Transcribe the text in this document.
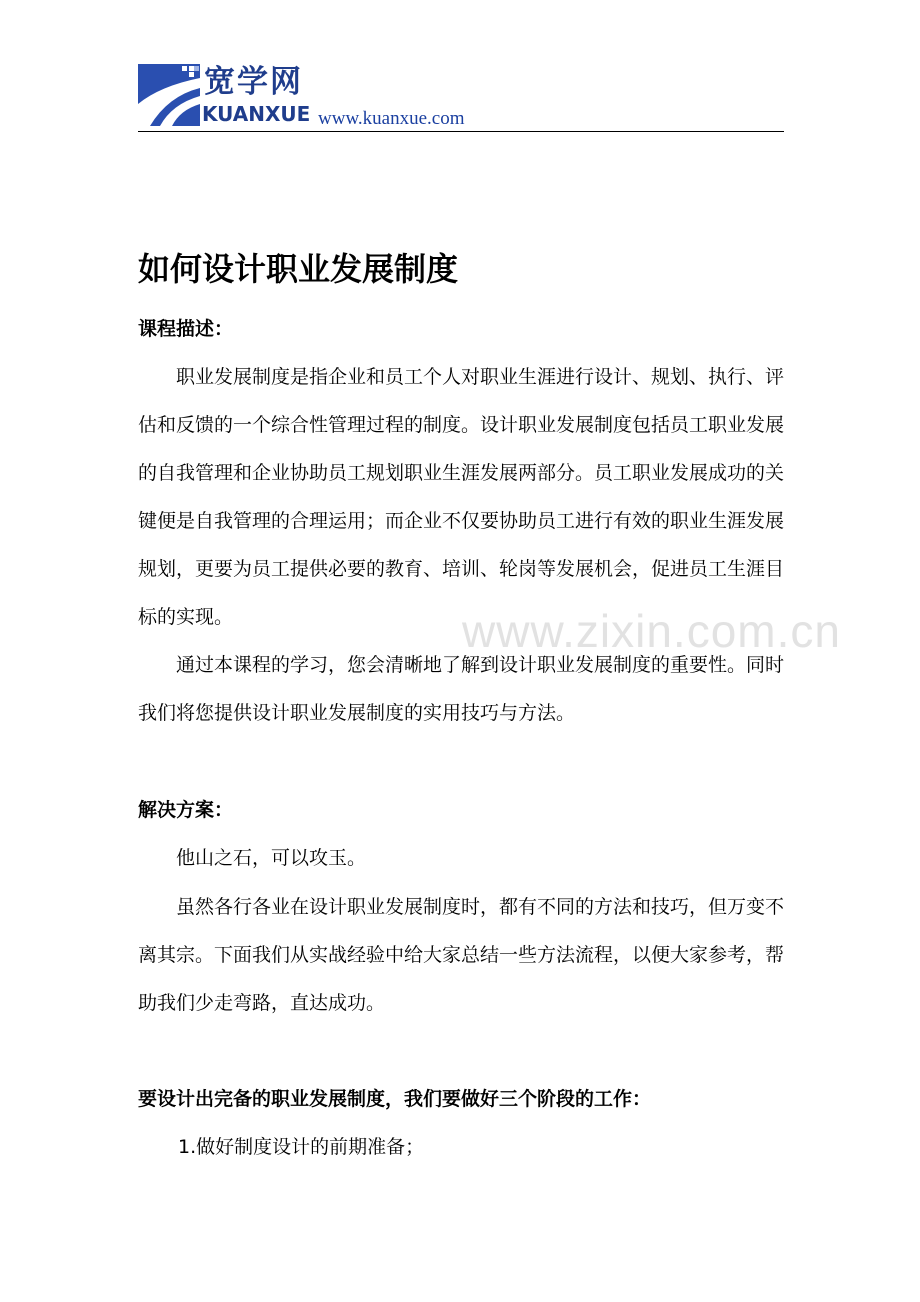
宽学网
KUANXUE www.kuanxue.com
www.zixin.com.cn
如何设计职业发展制度
课程描述：

职业发展制度是指企业和员工个人对职业生涯进行设计、规划、执行、评估和反馈的一个综合性管理过程的制度。设计职业发展制度包括员工职业发展的自我管理和企业协助员工规划职业生涯发展两部分。员工职业发展成功的关键便是自我管理的合理运用；而企业不仅要协助员工进行有效的职业生涯发展规划，更要为员工提供必要的教育、培训、轮岗等发展机会，促进员工生涯目标的实现。

通过本课程的学习，您会清晰地了解到设计职业发展制度的重要性。同时我们将您提供设计职业发展制度的实用技巧与方法。

解决方案：

他山之石，可以攻玉。

虽然各行各业在设计职业发展制度时，都有不同的方法和技巧，但万变不离其宗。下面我们从实战经验中给大家总结一些方法流程，以便大家参考，帮助我们少走弯路，直达成功。

要设计出完备的职业发展制度，我们要做好三个阶段的工作：
1.做好制度设计的前期准备；
